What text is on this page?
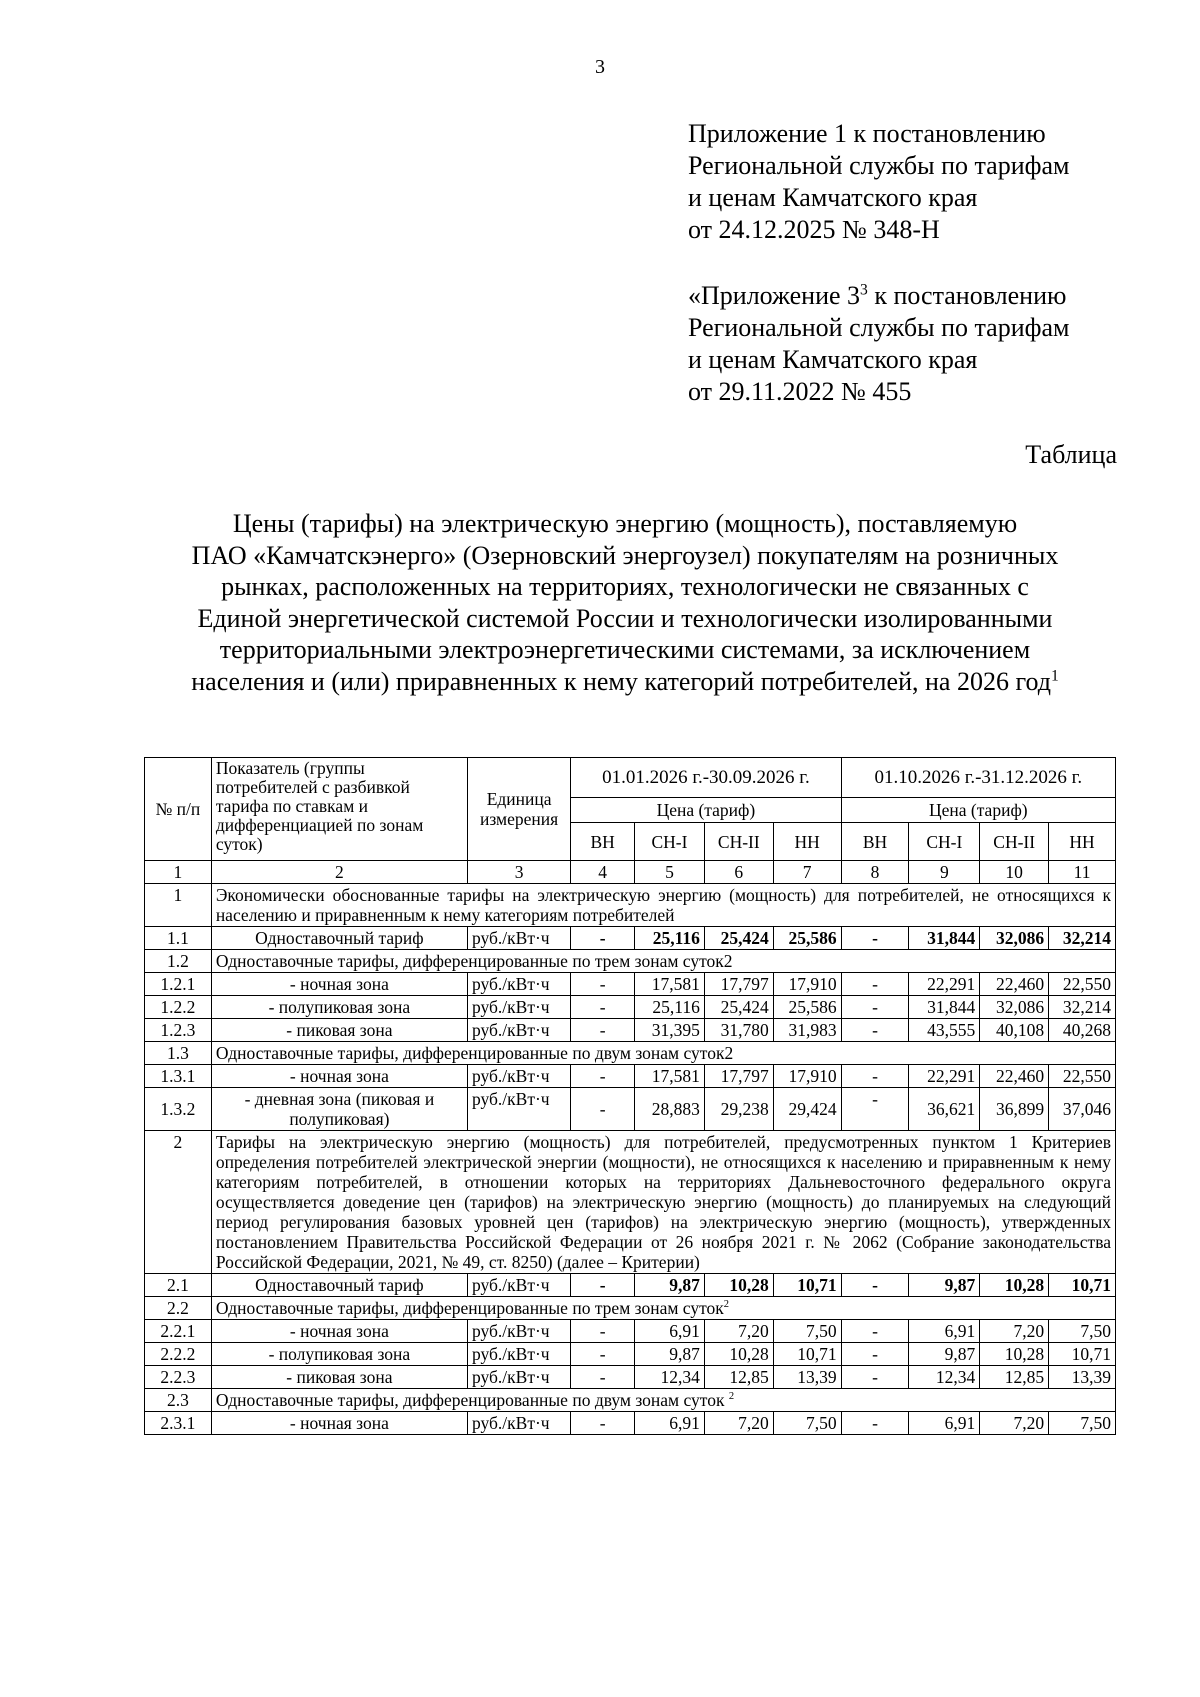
3
Приложение 1 к постановлению
Региональной службы по тарифам
и ценам Камчатского края
от 24.12.2025 № 348-Н
«Приложение $3^3$ к постановлению
Региональной службы по тарифам
и ценам Камчатского края
от 29.11.2022 № 455
Таблица
Цены (тарифы) на электрическую энергию (мощность), поставляемую
ПАО «Камчатскэнерго» (Озерновский энергоузел) покупателям на розничных
рынках, расположенных на территориях, технологически не связанных с
Единой энергетической системой России и технологически изолированными
территориальными электроэнергетическими системами, за исключением
населения и (или) приравненных к нему категорий потребителей, на 2026 год$^1$
№ п/п	Показатель (группы потребителей с разбивкой тарифа по ставкам и дифференциацией по зонам суток)	Единица измерения	01.01.2026 г.-30.09.2026 г.				01.10.2026 г.-31.12.2026 г.			
			Цена (тариф)				Цена (тариф)			
			ВН	СН-I	СН-II	НН	ВН	СН-I	СН-II	НН
1	2	3	4	5	6	7	8	9	10	11
1	Экономически обоснованные тарифы на электрическую энергию (мощность) для потребителей, не относящихся к населению и приравненным к нему категориям потребителей									
1.1	Одноставочный тариф	руб./кВт·ч	-	25,116	25,424	25,586	-	31,844	32,086	32,214
1.2	Одноставочные тарифы, дифференцированные по трем зонам суток2									
1.2.1	- ночная зона	руб./кВт·ч	-	17,581	17,797	17,910	-	22,291	22,460	22,550
1.2.2	- полупиковая зона	руб./кВт·ч	-	25,116	25,424	25,586	-	31,844	32,086	32,214
1.2.3	- пиковая зона	руб./кВт·ч	-	31,395	31,780	31,983	-	43,555	40,108	40,268
1.3	Одноставочные тарифы, дифференцированные по двум зонам суток2									
1.3.1	- ночная зона	руб./кВт·ч	-	17,581	17,797	17,910	-	22,291	22,460	22,550
1.3.2	- дневная зона (пиковая и полупиковая)	руб./кВт·ч	-	28,883	29,238	29,424	-	36,621	36,899	37,046
2	Тарифы на электрическую энергию (мощность) для потребителей, предусмотренных пунктом 1 Критериев определения потребителей электрической энергии (мощности), не относящихся к населению и приравненным к нему категориям потребителей, в отношении которых на территориях Дальневосточного федерального округа осуществляется доведение цен (тарифов) на электрическую энергию (мощность) до планируемых на следующий период регулирования базовых уровней цен (тарифов) на электрическую энергию (мощность), утвержденных постановлением Правительства Российской Федерации от 26 ноября 2021 г. № 2062 (Собрание законодательства Российской Федерации, 2021, № 49, ст. 8250) (далее – Критерии)									
2.1	Одноставочный тариф	руб./кВт·ч	-	9,87	10,28	10,71	-	9,87	10,28	10,71
2.2	Одноставочные тарифы, дифференцированные по трем зонам суток$^2$
2.2.1	- ночная зона	руб./кВт·ч	-	6,91	7,20	7,50	-	6,91	7,20	7,50
2.2.2	- полупиковая зона	руб./кВт·ч	-	9,87	10,28	10,71	-	9,87	10,28	10,71
2.2.3	- пиковая зона	руб./кВт·ч	-	12,34	12,85	13,39	-	12,34	12,85	13,39
2.3	Одноставочные тарифы, дифференцированные по двум зонам суток $^2$
2.3.1	- ночная зона	руб./кВт·ч	-	6,91	7,20	7,50	-	6,91	7,20	7,50
